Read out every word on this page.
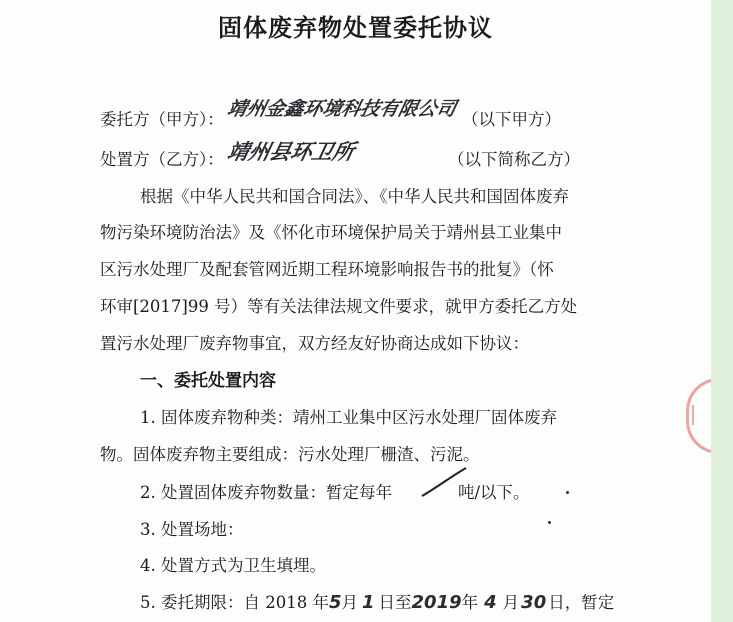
固体废弃物处置委托协议
委托方（甲方）： 靖州金鑫环境科技有限公司 （以下甲方）
处置方（乙方）： 靖州县环卫所	（以下简称乙方）
根据《中华人民共和国合同法》、《中华人民共和国固体废弃
物污染环境防治法》及《怀化市环境保护局关于靖州县工业集中
区污水处理厂及配套管网近期工程环境影响报告书的批复》（怀
环审[2017]99 号）等有关法律法规文件要求，就甲方委托乙方处
置污水处理厂废弃物事宜，双方经友好协商达成如下协议：
一、委托处置内容
1. 固体废弃物种类：靖州工业集中区污水处理厂固体废弃
物。固体废弃物主要组成：污水处理厂栅渣、污泥。
2. 处置固体废弃物数量：暂定每年	吨/以下。
3. 处置场地：
4. 处置方式为卫生填埋。
5. 委托期限：自 2018 年5月 1 日至2019年 4 月 30 日，暂定
